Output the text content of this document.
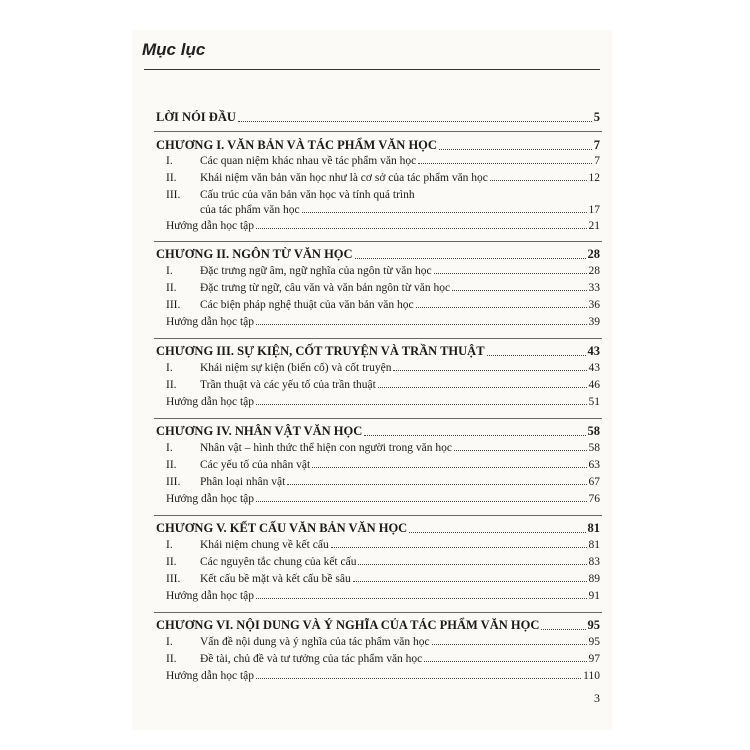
Mục lục
LỜI NÓI ĐẦU	5
CHƯƠNG I. VĂN BẢN VÀ TÁC PHẨM VĂN HỌC	7
I.	Các quan niệm khác nhau về tác phẩm văn học	7
II.	Khái niệm văn bản văn học như là cơ sở của tác phẩm văn học	12
III.	Cấu trúc của văn bản văn học và tính quá trình
của tác phẩm văn học	17
Hướng dẫn học tập	21
CHƯƠNG II. NGÔN TỪ VĂN HỌC	28
I.	Đặc trưng ngữ âm, ngữ nghĩa của ngôn từ văn học	28
II.	Đặc trưng từ ngữ, câu văn và văn bản ngôn từ văn học	33
III.	Các biện pháp nghệ thuật của văn bản văn học	36
Hướng dẫn học tập	39
CHƯƠNG III. SỰ KIỆN, CỐT TRUYỆN VÀ TRẦN THUẬT	43
I.	Khái niệm sự kiện (biến cố) và cốt truyện	43
II.	Trần thuật và các yếu tố của trần thuật	46
Hướng dẫn học tập	51
CHƯƠNG IV. NHÂN VẬT VĂN HỌC	58
I.	Nhân vật – hình thức thể hiện con người trong văn học	58
II.	Các yếu tố của nhân vật	63
III.	Phân loại nhân vật	67
Hướng dẫn học tập	76
CHƯƠNG V. KẾT CẤU VĂN BẢN VĂN HỌC	81
I.	Khái niệm chung về kết cấu	81
II.	Các nguyên tắc chung của kết cấu	83
III.	Kết cấu bề mặt và kết cấu bề sâu	89
Hướng dẫn học tập	91
CHƯƠNG VI. NỘI DUNG VÀ Ý NGHĨA CỦA TÁC PHẨM VĂN HỌC	95
I.	Vấn đề nội dung và ý nghĩa của tác phẩm văn học	95
II.	Đề tài, chủ đề và tư tưởng của tác phẩm văn học	97
Hướng dẫn học tập	110
3
